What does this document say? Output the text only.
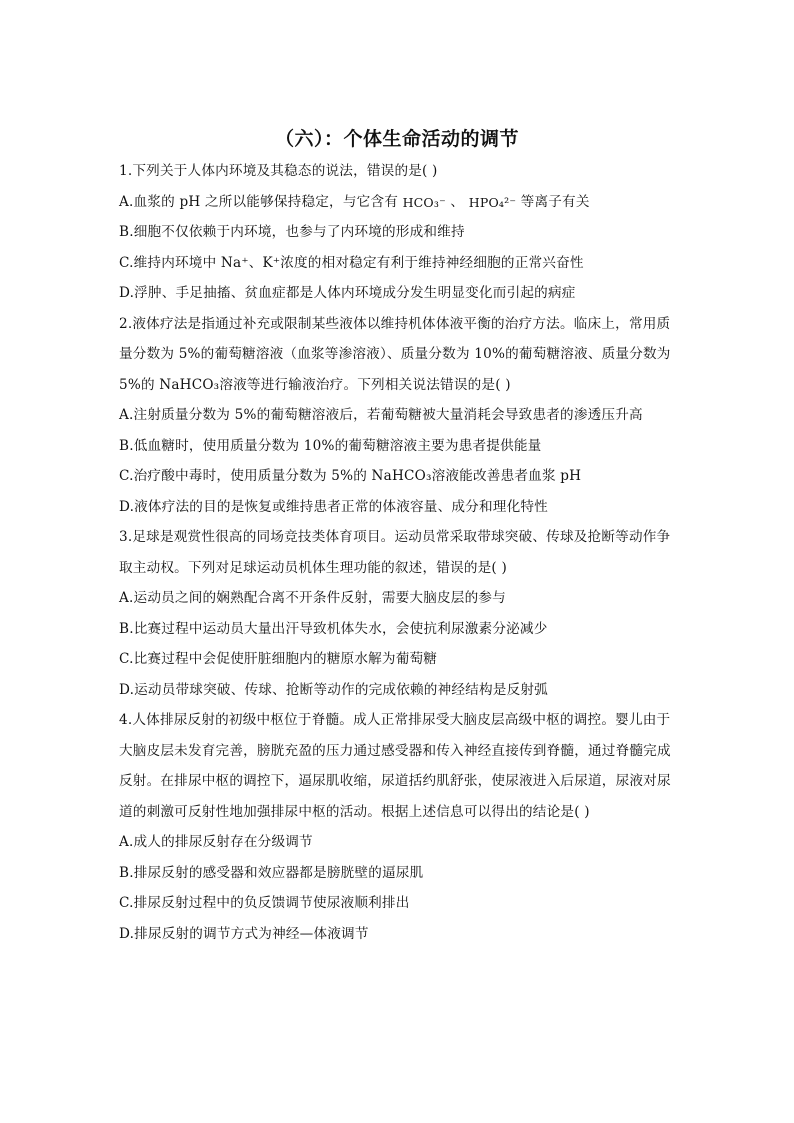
（六）：个体生命活动的调节
1.下列关于人体内环境及其稳态的说法，错误的是( )
A.血浆的 pH 之所以能够保持稳定，与它含有 HCO₃⁻ 、 HPO₄²⁻ 等离子有关
B.细胞不仅依赖于内环境，也参与了内环境的形成和维持
C.维持内环境中 Na⁺、K⁺浓度的相对稳定有利于维持神经细胞的正常兴奋性
D.浮肿、手足抽搐、贫血症都是人体内环境成分发生明显变化而引起的病症
2.液体疗法是指通过补充或限制某些液体以维持机体体液平衡的治疗方法。临床上，常用质
量分数为 5%的葡萄糖溶液（血浆等渗溶液）、质量分数为 10%的葡萄糖溶液、质量分数为
5%的 NaHCO₃溶液等进行输液治疗。下列相关说法错误的是( )
A.注射质量分数为 5%的葡萄糖溶液后，若葡萄糖被大量消耗会导致患者的渗透压升高
B.低血糖时，使用质量分数为 10%的葡萄糖溶液主要为患者提供能量
C.治疗酸中毒时，使用质量分数为 5%的 NaHCO₃溶液能改善患者血浆 pH
D.液体疗法的目的是恢复或维持患者正常的体液容量、成分和理化特性
3.足球是观赏性很高的同场竞技类体育项目。运动员常采取带球突破、传球及抢断等动作争
取主动权。下列对足球运动员机体生理功能的叙述，错误的是( )
A.运动员之间的娴熟配合离不开条件反射，需要大脑皮层的参与
B.比赛过程中运动员大量出汗导致机体失水，会使抗利尿激素分泌减少
C.比赛过程中会促使肝脏细胞内的糖原水解为葡萄糖
D.运动员带球突破、传球、抢断等动作的完成依赖的神经结构是反射弧
4.人体排尿反射的初级中枢位于脊髓。成人正常排尿受大脑皮层高级中枢的调控。婴儿由于
大脑皮层未发育完善，膀胱充盈的压力通过感受器和传入神经直接传到脊髓，通过脊髓完成
反射。在排尿中枢的调控下，逼尿肌收缩，尿道括约肌舒张，使尿液进入后尿道，尿液对尿
道的刺激可反射性地加强排尿中枢的活动。根据上述信息可以得出的结论是( )
A.成人的排尿反射存在分级调节
B.排尿反射的感受器和效应器都是膀胱壁的逼尿肌
C.排尿反射过程中的负反馈调节使尿液顺利排出
D.排尿反射的调节方式为神经—体液调节
